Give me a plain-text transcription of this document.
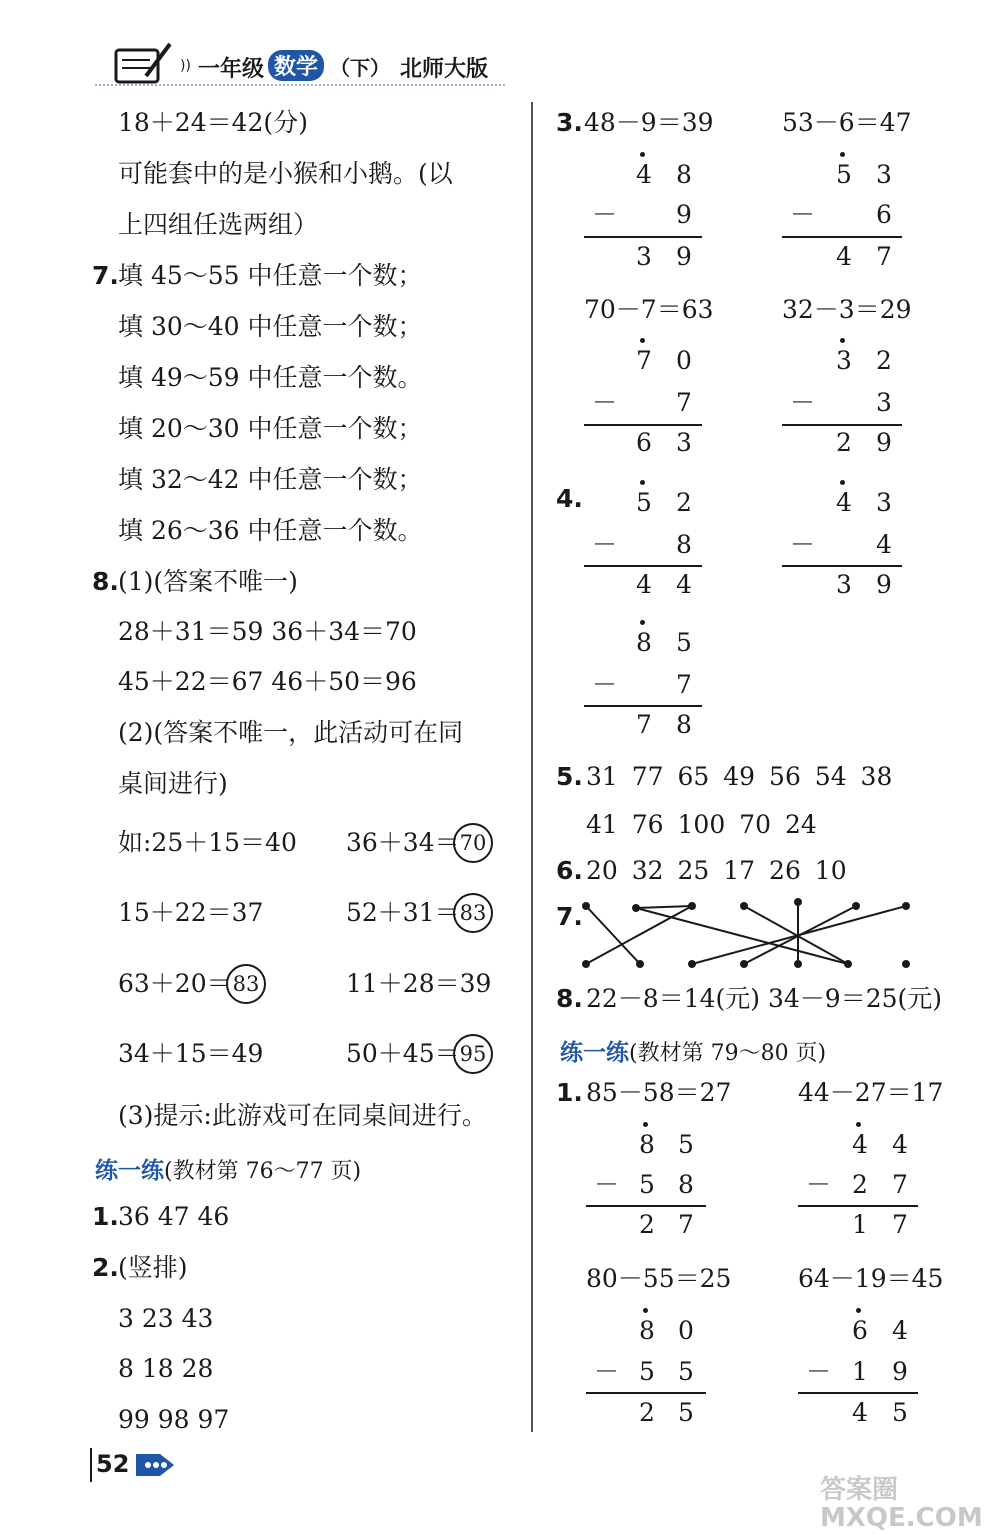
)) 一年级 数学 （下） 北师大版
18＋24＝42(分)
可能套中的是小猴和小鹅。(以
上四组任选两组）
7. 填 45～55 中任意一个数；
填 30～40 中任意一个数；
填 49～59 中任意一个数。
填 20～30 中任意一个数；
填 32～42 中任意一个数；
填 26～36 中任意一个数。
8. (1)(答案不唯一)
28＋31＝59 36＋34＝70
45＋22＝67 46＋50＝96
(2)(答案不唯一，此活动可在同
桌间进行)
如:25＋15＝40 36＋34＝ 70
15＋22＝37	52＋31＝ 83
63＋20＝ 83	11＋28＝39
34＋15＝49	50＋45＝ 95
(3)提示:此游戏可在同桌间进行。
练一练(教材第 76～77 页)
1. 36 47 46
2. (竖排)
3 23 43
8 18 28
99 98 97
3. 48－9＝39	53－6＝47
70－7＝63	32－3＝29
4 8
－ 9
3 9
5 3
－ 6
4 7
7 0
－ 7
6 3
3 2
－ 3
2 9
4. 5 2
－ 8
4 4
4 3
－ 4
3 9
8 5
－ 7
7 8
5. 31 77 65 49 56 54 38
41 76 100 70 24
6. 20 32 25 17 26 10
7.
8. 22－8＝14(元) 34－9＝25(元)
练一练(教材第 79～80 页)
1. 85－58＝27	44－27＝17
80－55＝25	64－19＝45
8 5
－ 5 8
2 7
4 4
－ 2 7
1 7
8 0
－ 5 5
2 5
6 4
－ 1 9
4 5
52
答案圈 MXQE.COM
